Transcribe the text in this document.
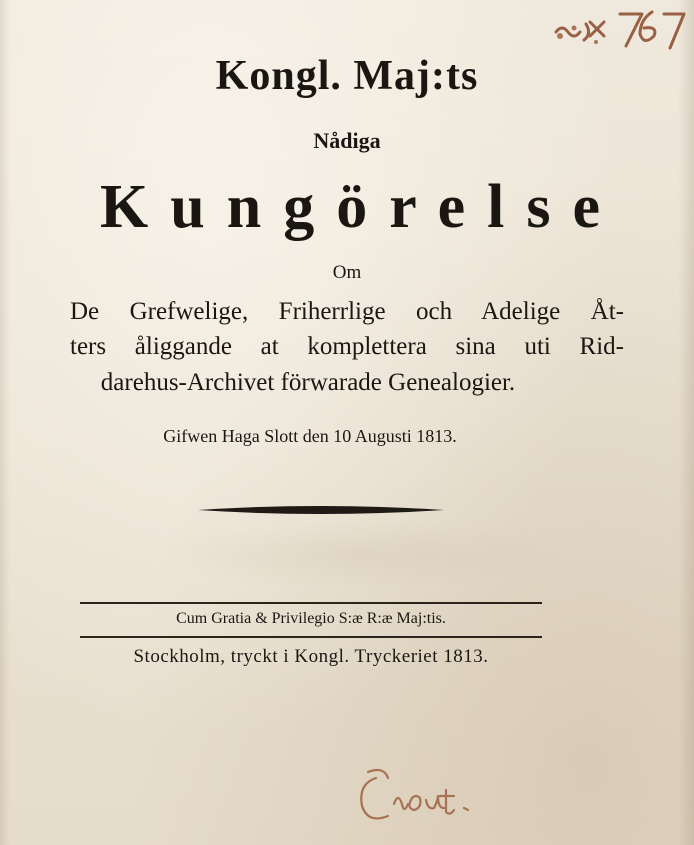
Kongl. Maj:ts
Nådiga
Kungörelse
Om
De Grefwelige, Friherrlige och Adelige Åt-
ters åliggande at komplettera sina uti Rid-
darehus-Archivet förwarade Genealogier.
Gifwen Haga Slott den 10 Augusti 1813.
Cum Gratia & Privilegio S:æ R:æ Maj:tis.
Stockholm, tryckt i Kongl. Tryckeriet 1813.
